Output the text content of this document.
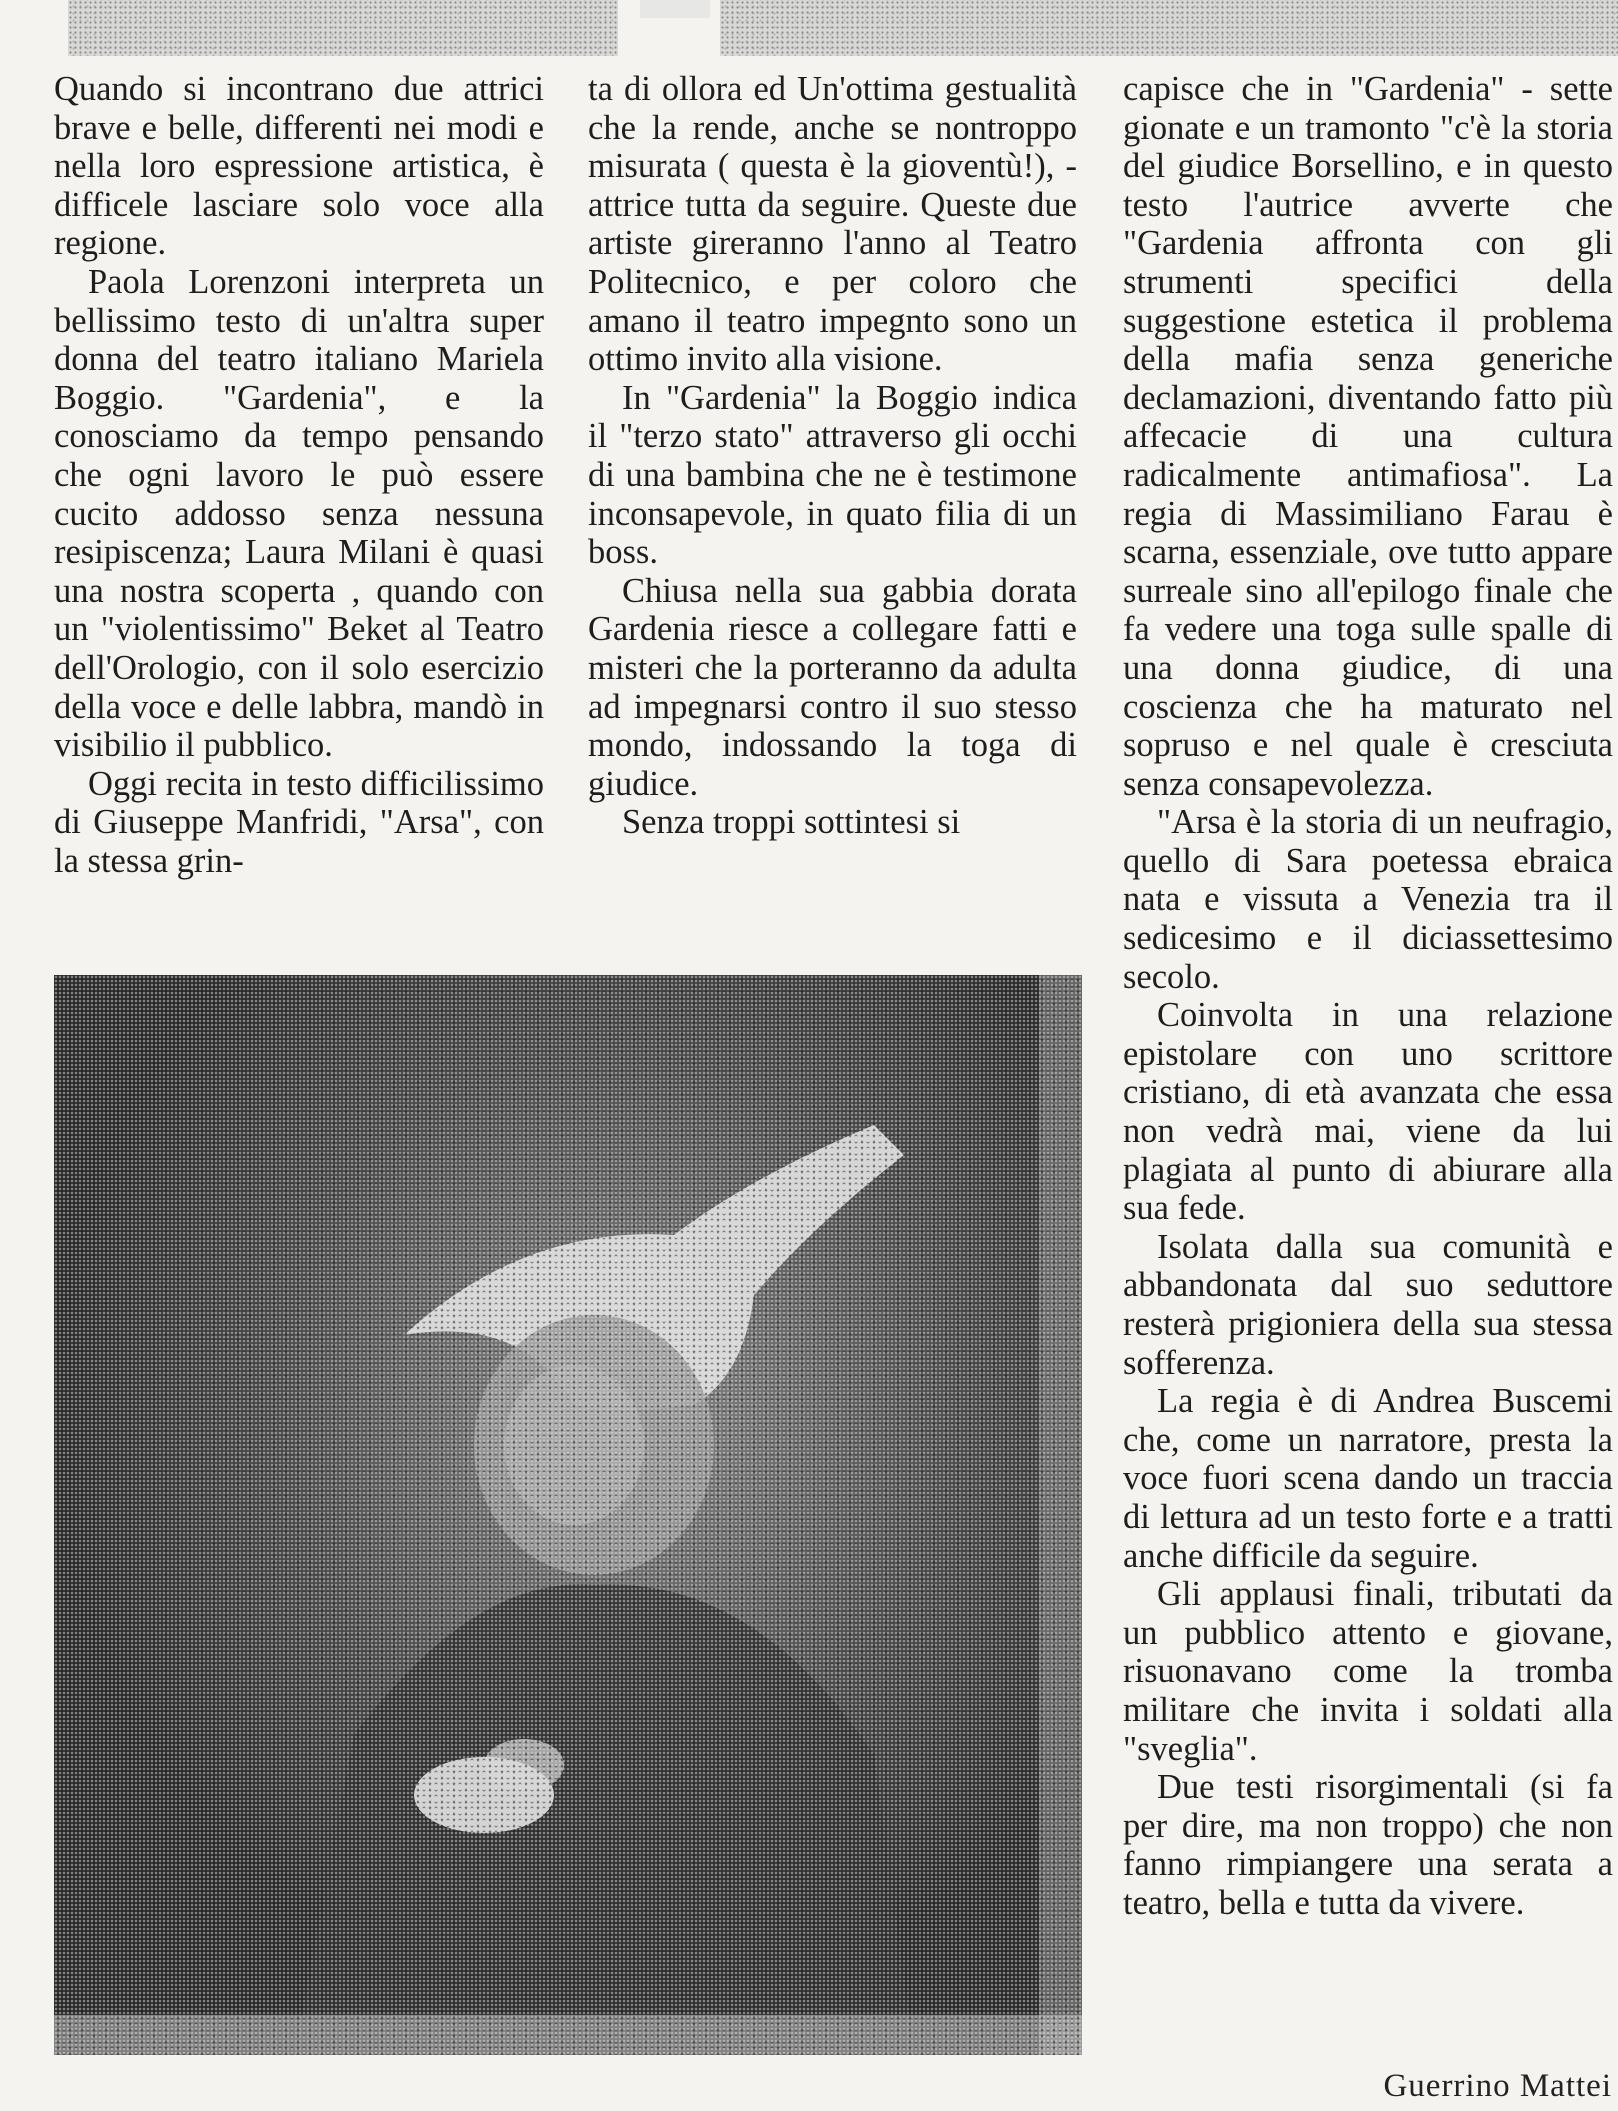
Quando si incontrano due attrici brave e belle, differenti nei modi e nella loro espressione artistica, è difficele lasciare solo voce alla regione.

Paola Lorenzoni interpreta un bellissimo testo di un'altra super donna del teatro italiano Mariela Boggio. "Gardenia", e la conosciamo da tempo pensando che ogni lavoro le può essere cucito addosso senza nessuna resipiscenza; Laura Milani è quasi una nostra scoperta , quando con un "violentissimo" Beket al Teatro dell'Orologio, con il solo esercizio della voce e delle labbra, mandò in visibilio il pubblico.

Oggi recita in testo difficilissimo di Giuseppe Manfridi, "Arsa", con la stessa grin-

ta di ollora ed Un'ottima gestualità che la rende, anche se nontroppo misurata ( questa è la gioventù!), - attrice tutta da seguire. Queste due artiste gireranno l'anno al Teatro Politecnico, e per coloro che amano il teatro impegnto sono un ottimo invito alla visione.

In "Gardenia" la Boggio indica il "terzo stato" attraverso gli occhi di una bambina che ne è testimone inconsapevole, in quato filia di un boss.

Chiusa nella sua gabbia dorata Gardenia riesce a collegare fatti e misteri che la porteranno da adulta ad impegnarsi contro il suo stesso mondo, indossando la toga di giudice.

Senza troppi sottintesi si

capisce che in "Gardenia" - sette gionate e un tramonto "c'è la storia del giudice Borsellino, e in questo testo l'autrice avverte che "Gardenia affronta con gli strumenti specifici della suggestione estetica il problema della mafia senza generiche declamazioni, diventando fatto più affecacie di una cultura radicalmente antimafiosa". La regia di Massimiliano Farau è scarna, essenziale, ove tutto appare surreale sino all'epilogo finale che fa vedere una toga sulle spalle di una donna giudice, di una coscienza che ha maturato nel sopruso e nel quale è cresciuta senza consapevolezza.

"Arsa è la storia di un neufragio, quello di Sara poetessa ebraica nata e vissuta a Venezia tra il sedicesimo e il diciassettesimo secolo.

Coinvolta in una relazione epistolare con uno scrittore cristiano, di età avanzata che essa non vedrà mai, viene da lui plagiata al punto di abiurare alla sua fede.

Isolata dalla sua comunità e abbandonata dal suo seduttore resterà prigioniera della sua stessa sofferenza.

La regia è di Andrea Buscemi che, come un narratore, presta la voce fuori scena dando un traccia di lettura ad un testo forte e a tratti anche difficile da seguire.

Gli applausi finali, tributati da un pubblico attento e giovane, risuonavano come la tromba militare che invita i soldati alla "sveglia".

Due testi risorgimentali (si fa per dire, ma non troppo) che non fanno rimpiangere una serata a teatro, bella e tutta da vivere.

Guerrino Mattei
